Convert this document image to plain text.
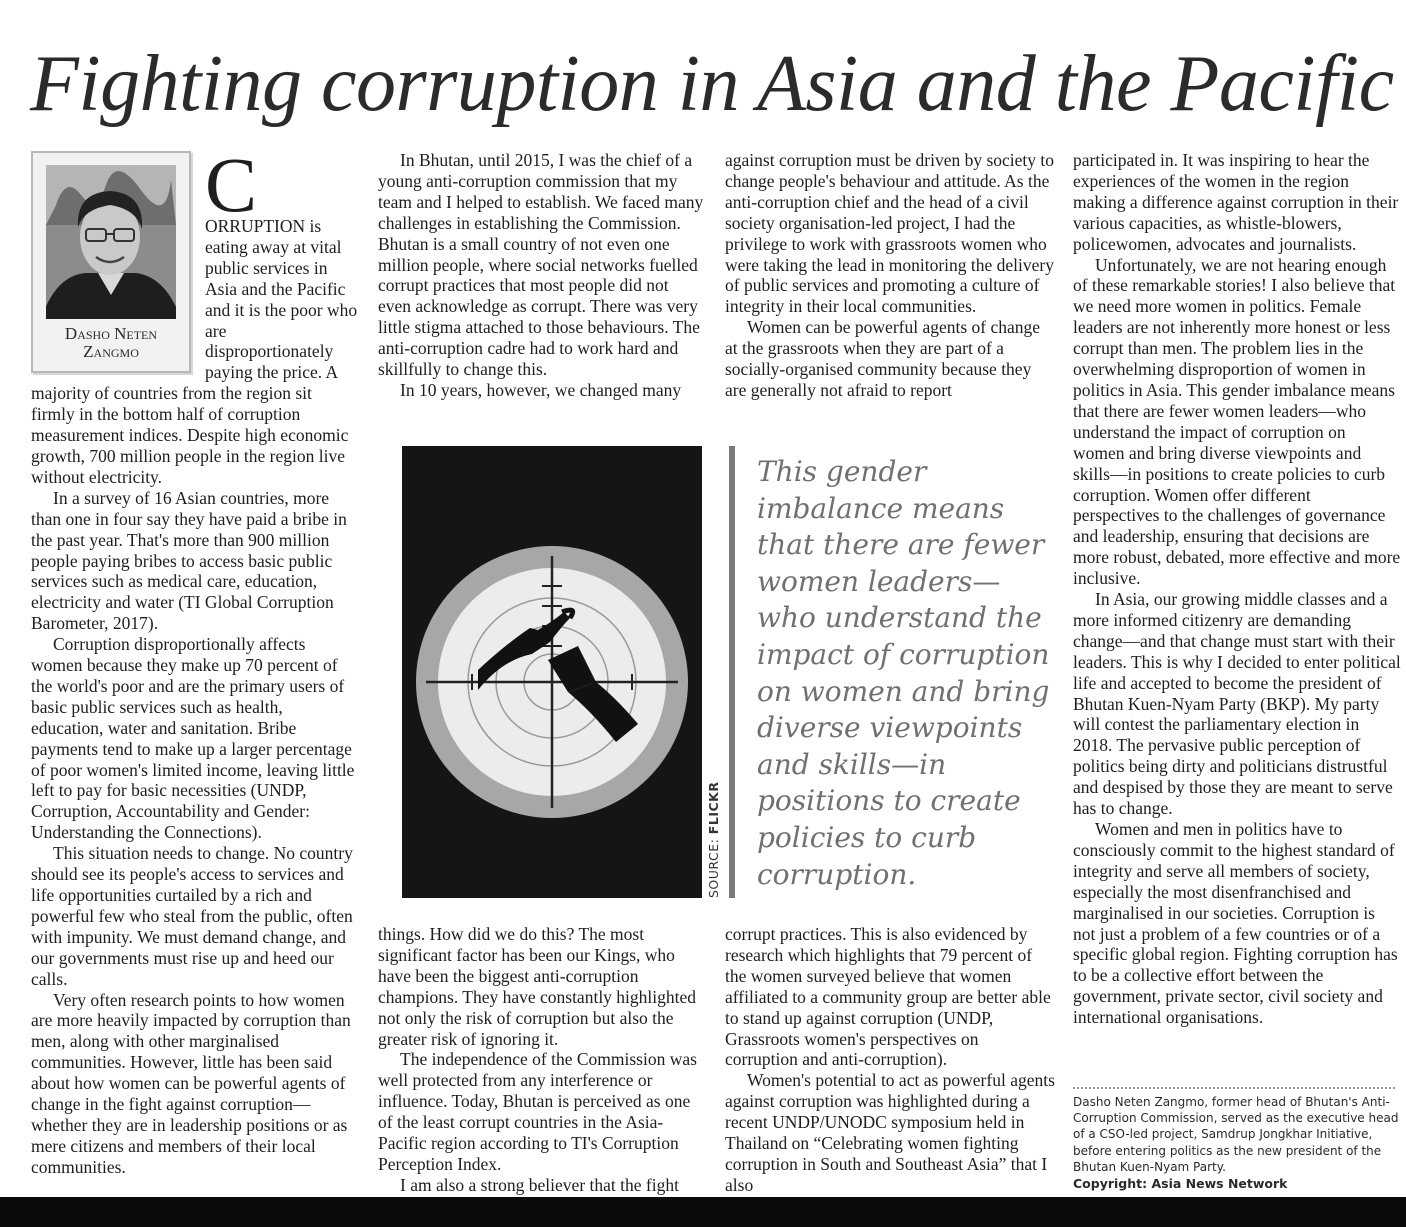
Fighting corruption in Asia and the Pacific
Dasho Neten
Zangmo

C
ORRUPTION is eating away at vital public services in Asia and the Pacific and it is the poor who are disproportionately paying the price. A majority of countries from the region sit firmly in the bottom half of corruption measurement indices. Despite high economic growth, 700 million people in the region live without electricity.

In a survey of 16 Asian countries, more than one in four say they have paid a bribe in the past year. That's more than 900 million people paying bribes to access basic public services such as medical care, education, electricity and water (TI Global Corruption Barometer, 2017).

Corruption disproportionally affects women because they make up 70 percent of the world's poor and are the primary users of basic public services such as health, education, water and sanitation. Bribe payments tend to make up a larger percentage of poor women's limited income, leaving little left to pay for basic necessities (UNDP, Corruption, Accountability and Gender: Understanding the Connections).

This situation needs to change. No country should see its people's access to services and life opportunities curtailed by a rich and powerful few who steal from the public, often with impunity. We must demand change, and our governments must rise up and heed our calls.

Very often research points to how women are more heavily impacted by corruption than men, along with other marginalised communities. However, little has been said about how women can be powerful agents of change in the fight against corruption—whether they are in leadership positions or as mere citizens and members of their local communities.

In Bhutan, until 2015, I was the chief of a young anti-corruption commission that my team and I helped to establish. We faced many challenges in establishing the Commission. Bhutan is a small country of not even one million people, where social networks fuelled corrupt practices that most people did not even acknowledge as corrupt. There was very little stigma attached to those behaviours. The anti-corruption cadre had to work hard and skillfully to change this.

In 10 years, however, we changed many

SOURCE: FLICKR

This gender imbalance means that there are fewer women leaders—who understand the impact of corruption on women and bring diverse viewpoints and skills—in positions to create policies to curb corruption.

things. How did we do this? The most significant factor has been our Kings, who have been the biggest anti-corruption champions. They have constantly highlighted not only the risk of corruption but also the greater risk of ignoring it.

The independence of the Commission was well protected from any interference or influence. Today, Bhutan is perceived as one of the least corrupt countries in the Asia-Pacific region according to TI's Corruption Perception Index.

I am also a strong believer that the fight

against corruption must be driven by society to change people's behaviour and attitude. As the anti-corruption chief and the head of a civil society organisation-led project, I had the privilege to work with grassroots women who were taking the lead in monitoring the delivery of public services and promoting a culture of integrity in their local communities.

Women can be powerful agents of change at the grassroots when they are part of a socially-organised community because they are generally not afraid to report

corrupt practices. This is also evidenced by research which highlights that 79 percent of the women surveyed believe that women affiliated to a community group are better able to stand up against corruption (UNDP, Grassroots women's perspectives on corruption and anti-corruption).

Women's potential to act as powerful agents against corruption was highlighted during a recent UNDP/UNODC symposium held in Thailand on “Celebrating women fighting corruption in South and Southeast Asia” that I also

participated in. It was inspiring to hear the experiences of the women in the region making a difference against corruption in their various capacities, as whistle-blowers, policewomen, advocates and journalists.

Unfortunately, we are not hearing enough of these remarkable stories! I also believe that we need more women in politics. Female leaders are not inherently more honest or less corrupt than men. The problem lies in the overwhelming disproportion of women in politics in Asia. This gender imbalance means that there are fewer women leaders—who understand the impact of corruption on women and bring diverse viewpoints and skills—in positions to create policies to curb corruption. Women offer different perspectives to the challenges of governance and leadership, ensuring that decisions are more robust, debated, more effective and more inclusive.

In Asia, our growing middle classes and a more informed citizenry are demanding change—and that change must start with their leaders. This is why I decided to enter political life and accepted to become the president of Bhutan Kuen-Nyam Party (BKP). My party will contest the parliamentary election in 2018. The pervasive public perception of politics being dirty and politicians distrustful and despised by those they are meant to serve has to change.

Women and men in politics have to consciously commit to the highest standard of integrity and serve all members of society, especially the most disenfranchised and marginalised in our societies. Corruption is not just a problem of a few countries or of a specific global region. Fighting corruption has to be a collective effort between the government, private sector, civil society and international organisations.

Dasho Neten Zangmo, former head of Bhutan's Anti-Corruption Commission, served as the executive head of a CSO-led project, Samdrup Jongkhar Initiative, before entering politics as the new president of the Bhutan Kuen-Nyam Party.

Copyright: Asia News Network
